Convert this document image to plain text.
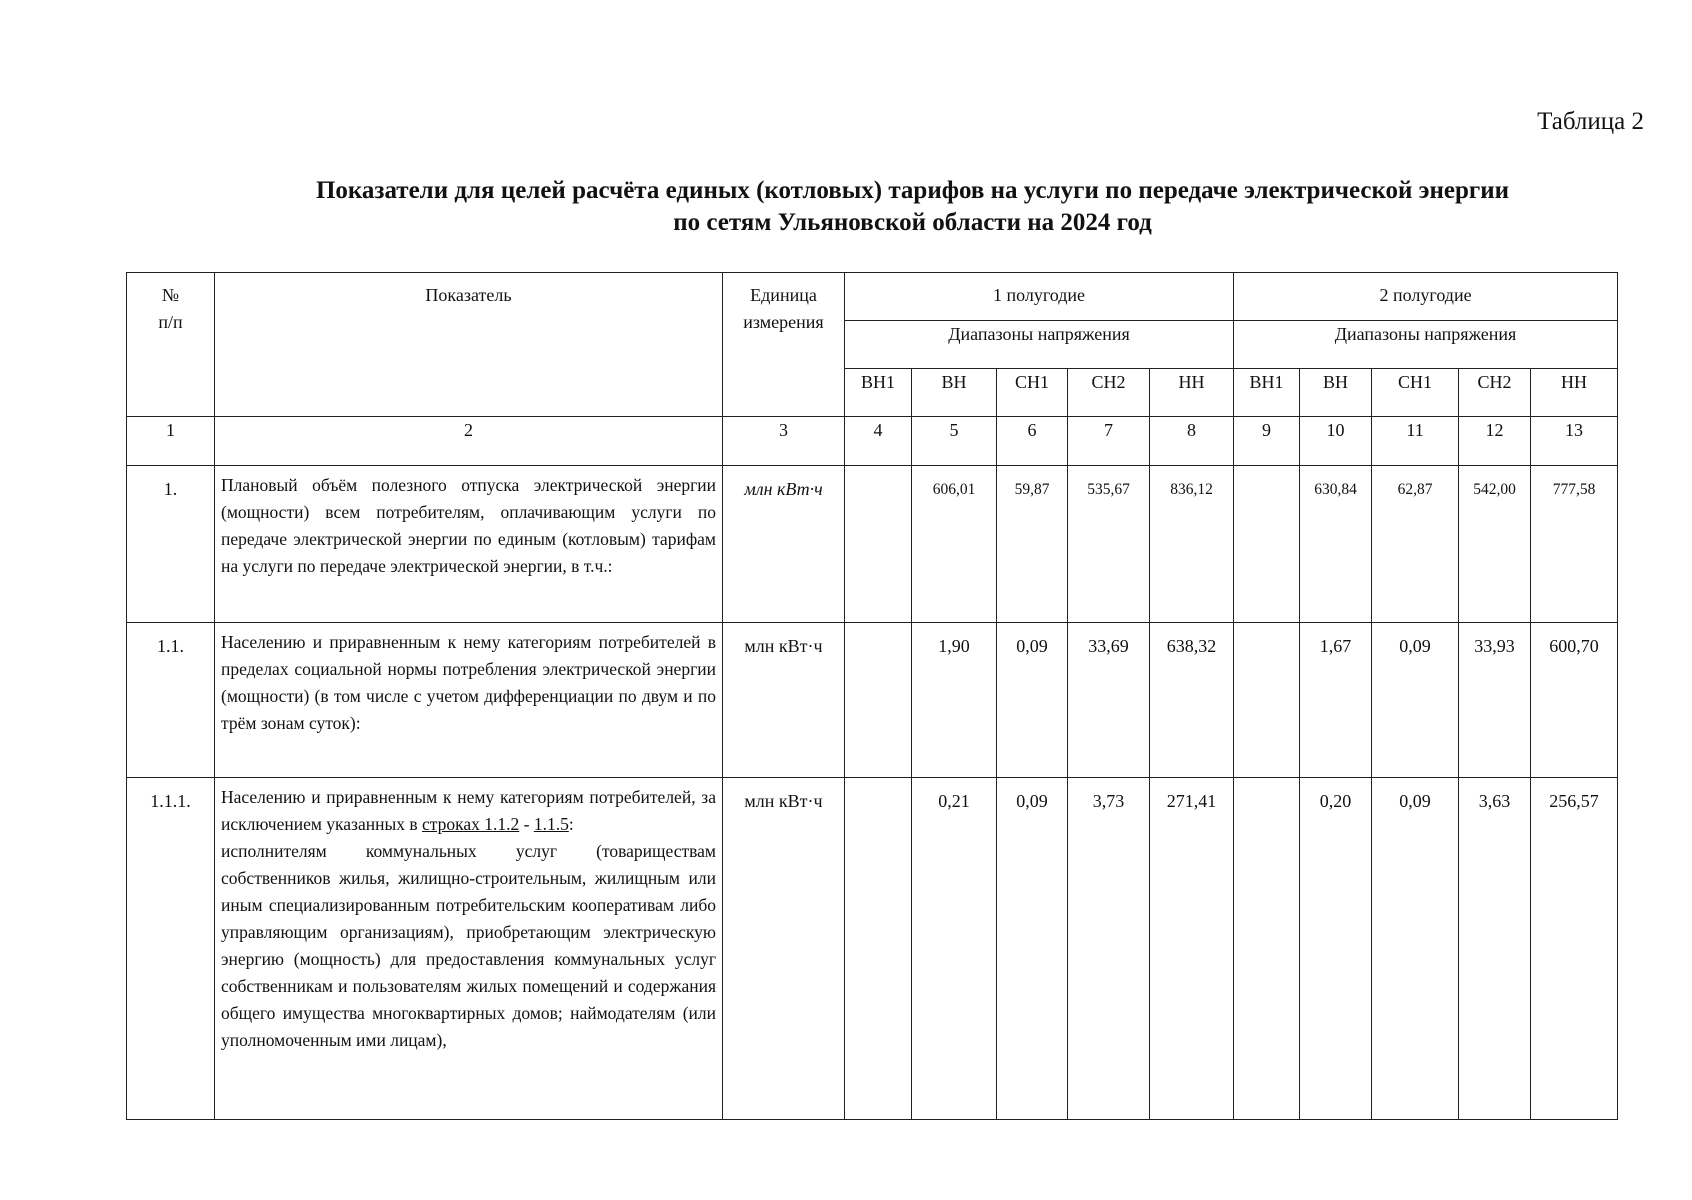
Таблица 2
Показатели для целей расчёта единых (котловых) тарифов на услуги по передаче электрической энергии
по сетям Ульяновской области на 2024 год
№
п/п	Показатель	Единица измерения	1 полугодие					2 полугодие				
			Диапазоны напряжения					Диапазоны напряжения				
			ВН1	ВН	СН1	СН2	НН	ВН1	ВН	СН1	СН2	НН
1	2	3	4	5	6	7	8	9	10	11	12	13
1.	Плановый объём полезного отпуска электрической энергии (мощности) всем потребителям, оплачивающим услуги по передаче электрической энергии по единым (котловым) тарифам на услуги по передаче электрической энергии, в т.ч.:	млн кВт·ч		606,01	59,87	535,67	836,12		630,84	62,87	542,00	777,58
1.1.	Населению и приравненным к нему категориям потребителей в пределах социальной нормы потребления электрической энергии (мощности) (в том числе с учетом дифференциации по двум и по трём зонам суток):	млн кВт·ч		1,90	0,09	33,69	638,32		1,67	0,09	33,93	600,70
1.1.1.	Населению и приравненным к нему категориям потребителей, за исключением указанных в строках 1.1.2 - 1.1.5:
исполнителям коммунальных услуг (товариществам собственников жилья, жилищно-строительным, жилищным или иным специализированным потребительским кооперативам либо управляющим организациям), приобретающим электрическую энергию (мощность) для предоставления коммунальных услуг собственникам и пользователям жилых помещений и содержания общего имущества многоквартирных домов; наймодателям (или уполномоченным ими лицам),	млн кВт·ч		0,21	0,09	3,73	271,41		0,20	0,09	3,63	256,57
